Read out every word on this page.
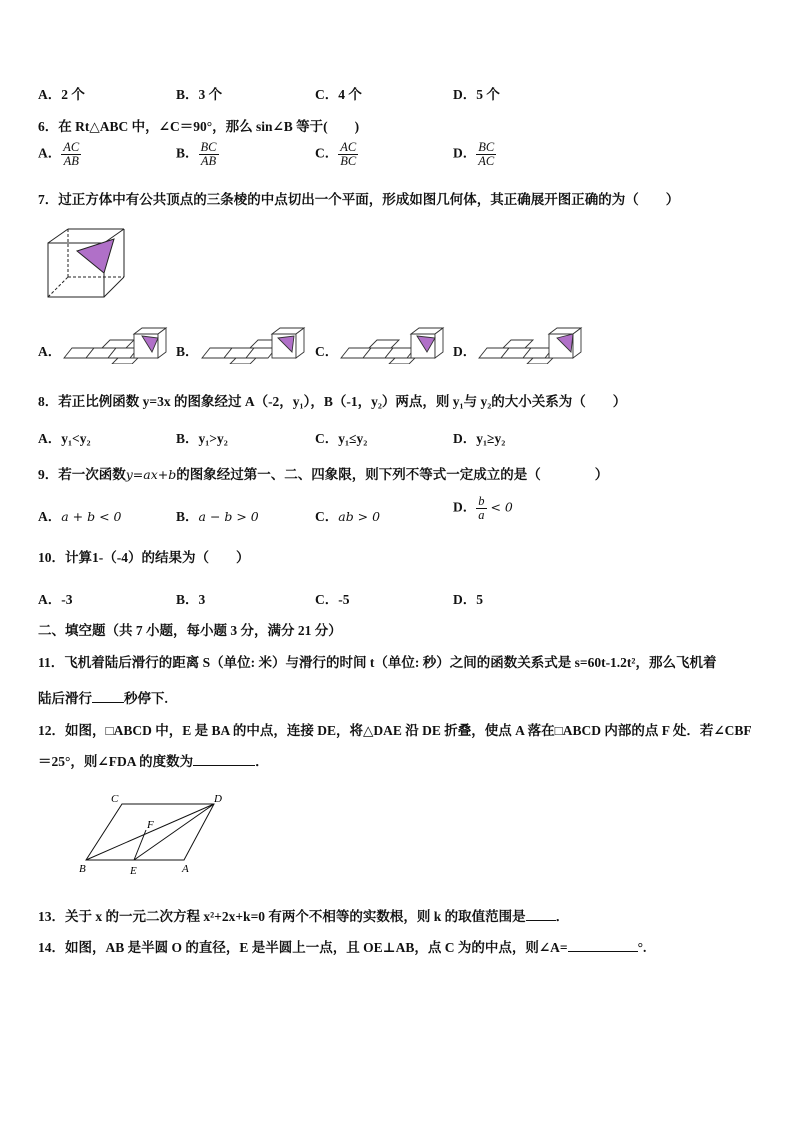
A．2 个	B．3 个	C．4 个	D．5 个
6．在 Rt△ABC 中，∠C＝90°，那么 sin∠B 等于(　　)
A． $\frac{AC}{AB}$	B． $\frac{BC}{AB}$	C． $\frac{AC}{BC}$	D． $\frac{BC}{AC}$
7．过正方体中有公共顶点的三条棱的中点切出一个平面，形成如图几何体，其正确展开图正确的为（　　）
A．	B．	C．	D．
8．若正比例函数 y=3x 的图象经过 A（-2，y₁），B（-1，y₂）两点，则 y₁与 y₂的大小关系为（　　）
A．y₁<y₂	B．y₁>y₂	C．y₁≤y₂	D．y₁≥y₂
9．若一次函数y=ax+b的图象经过第一、二、四象限，则下列不等式一定成立的是（　　　　）
A．a + b < 0	B．a − b > 0	C．ab > 0
D． $\frac{b}{a} < 0$
10．计算1-（-4）的结果为（　　）
A．-3	B．3	C．-5	D．5
二、填空题（共 7 小题，每小题 3 分，满分 21 分）
11．飞机着陆后滑行的距离 S（单位: 米）与滑行的时间 t（单位: 秒）之间的函数关系式是 s=60t-1.2t²，那么飞机着
陆后滑行 秒停下.
12．如图，□ABCD 中，E 是 BA 的中点，连接 DE，将△DAE 沿 DE 折叠，使点 A 落在□ABCD 内部的点 F 处．若∠CBF
＝25°，则∠FDA 的度数为	．
C	D
F
B	E	A
13．关于 x 的一元二次方程 x²+2x+k=0 有两个不相等的实数根，则 k 的取值范围是 ．
14．如图，AB 是半圆 O 的直径，E 是半圆上一点，且 OE⊥AB，点 C 为的中点，则∠A=	°.
